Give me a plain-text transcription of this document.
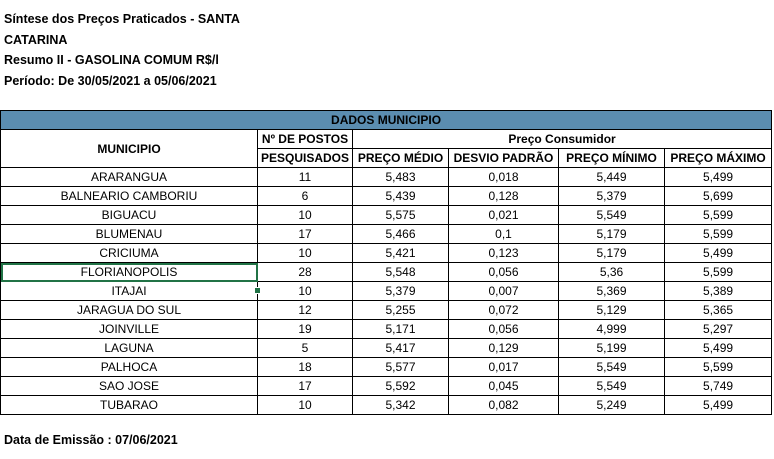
Síntese dos Preços Praticados - SANTA
CATARINA
Resumo II - GASOLINA COMUM R$/l
Período: De 30/05/2021 a 05/06/2021
DADOS MUNICIPIO					
MUNICIPIO	Nº DE POSTOS	Preço Consumidor			
	PESQUISADOS	PREÇO MÉDIO	DESVIO PADRÃO	PREÇO MÍNIMO	PREÇO MÁXIMO
ARARANGUA	11	5,483	0,018	5,449	5,499
BALNEARIO CAMBORIU	6	5,439	0,128	5,379	5,699
BIGUACU	10	5,575	0,021	5,549	5,599
BLUMENAU	17	5,466	0,1	5,179	5,599
CRICIUMA	10	5,421	0,123	5,179	5,499
FLORIANOPOLIS	28	5,548	0,056	5,36	5,599
ITAJAI	10	5,379	0,007	5,369	5,389
JARAGUA DO SUL	12	5,255	0,072	5,129	5,365
JOINVILLE	19	5,171	0,056	4,999	5,297
LAGUNA	5	5,417	0,129	5,199	5,499
PALHOCA	18	5,577	0,017	5,549	5,599
SAO JOSE	17	5,592	0,045	5,549	5,749
TUBARAO	10	5,342	0,082	5,249	5,499
Data de Emissão : 07/06/2021
